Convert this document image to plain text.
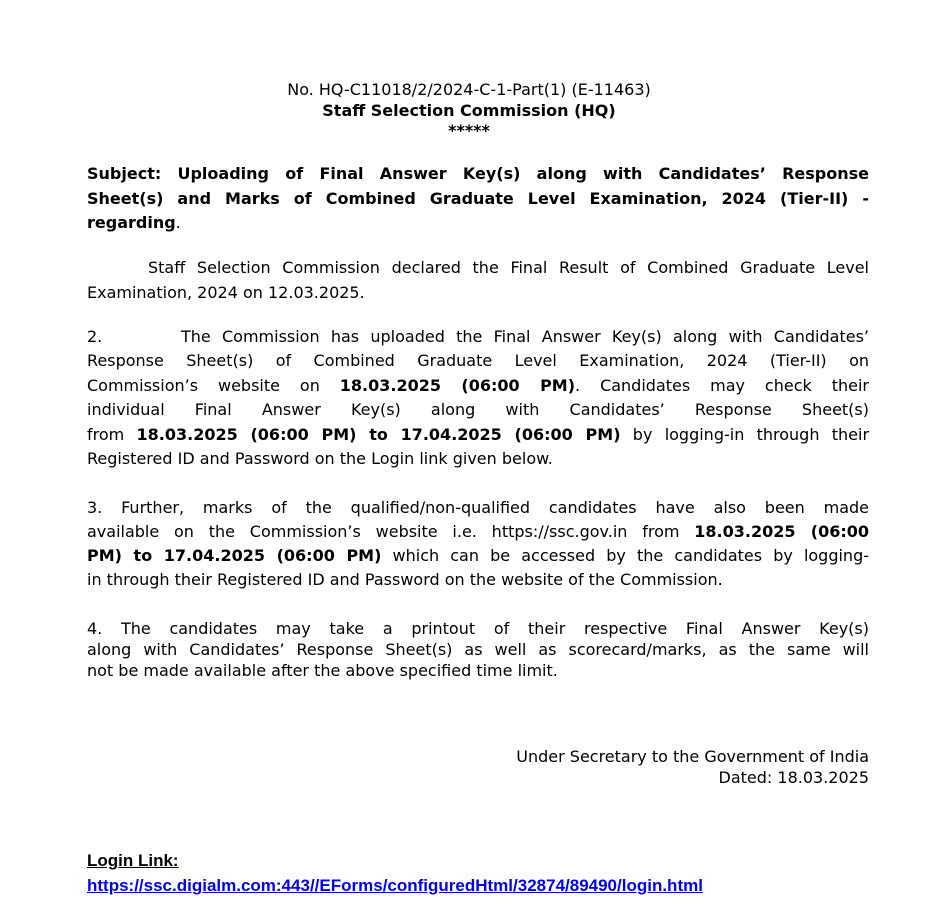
No. HQ-C11018/2/2024-C-1-Part(1) (E-11463)
Staff Selection Commission (HQ)
*****
Subject: Uploading of Final Answer Key(s) along with Candidates’ Response
Sheet(s) and Marks of Combined Graduate Level Examination, 2024 (Tier-II) -
regarding.
Staff Selection Commission declared the Final Result of Combined Graduate Level
Examination, 2024 on 12.03.2025.
2.       The Commission has uploaded the Final Answer Key(s) along with Candidates’
Response Sheet(s) of Combined Graduate Level Examination, 2024 (Tier-II) on
Commission’s website on 18.03.2025 (06:00 PM). Candidates may check their
individual Final Answer Key(s) along with Candidates’ Response Sheet(s)
from 18.03.2025 (06:00 PM) to 17.04.2025 (06:00 PM) by logging-in through their
Registered ID and Password on the Login link given below.
3. Further, marks of the qualified/non-qualified candidates have also been made
available on the Commission’s website i.e. https://ssc.gov.in from 18.03.2025 (06:00
PM) to 17.04.2025 (06:00 PM) which can be accessed by the candidates by logging-
in through their Registered ID and Password on the website of the Commission.
4. The candidates may take a printout of their respective Final Answer Key(s)
along with Candidates’ Response Sheet(s) as well as scorecard/marks, as the same will
not be made available after the above specified time limit.
Under Secretary to the Government of India
Dated: 18.03.2025
Login Link:
https://ssc.digialm.com:443//EForms/configuredHtml/32874/89490/login.html
